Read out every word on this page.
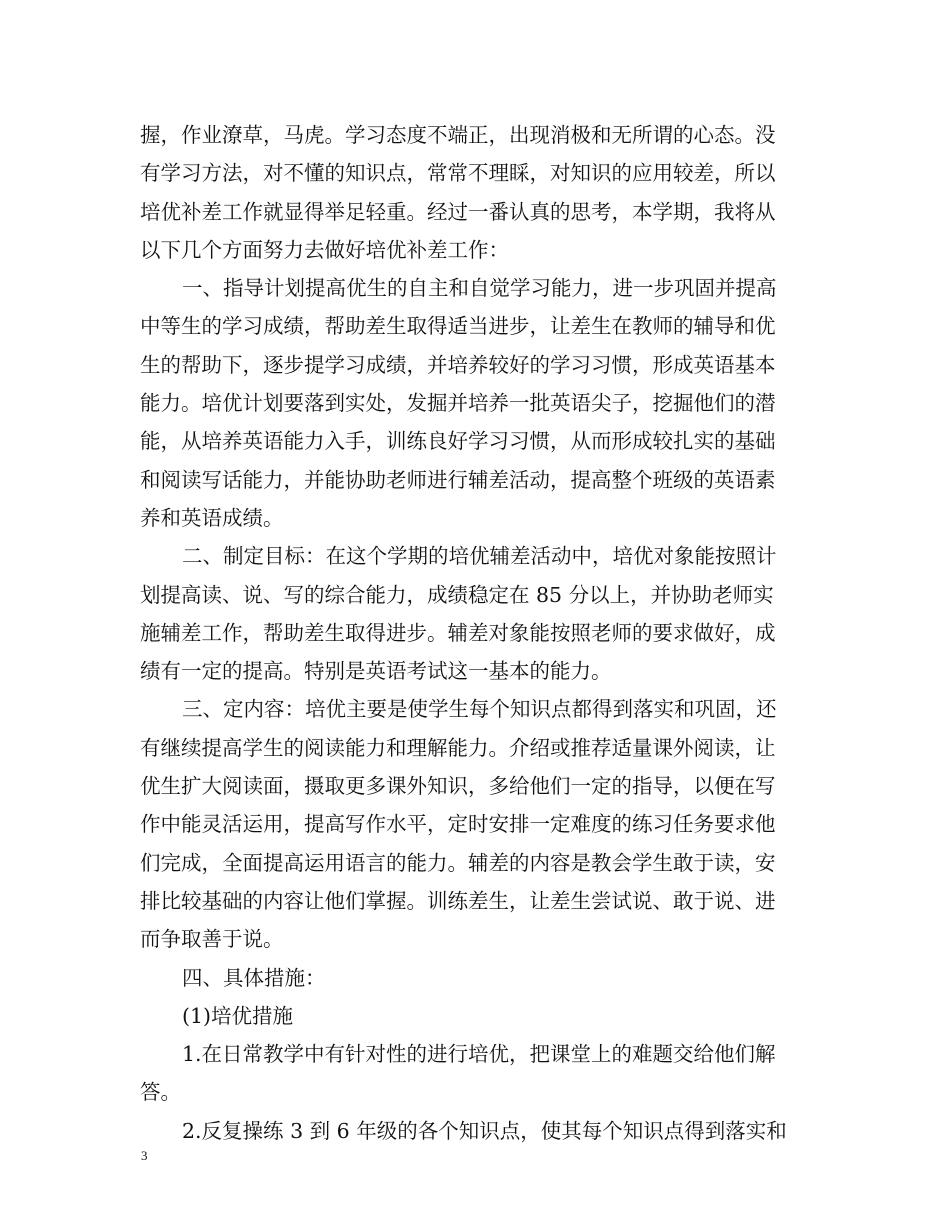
握，作业潦草，马虎。学习态度不端正，出现消极和无所谓的心态。没
有学习方法，对不懂的知识点，常常不理睬，对知识的应用较差，所以
培优补差工作就显得举足轻重。经过一番认真的思考，本学期，我将从
以下几个方面努力去做好培优补差工作：
一、指导计划提高优生的自主和自觉学习能力，进一步巩固并提高
中等生的学习成绩，帮助差生取得适当进步，让差生在教师的辅导和优
生的帮助下，逐步提学习成绩，并培养较好的学习习惯，形成英语基本
能力。培优计划要落到实处，发掘并培养一批英语尖子，挖掘他们的潜
能，从培养英语能力入手，训练良好学习习惯，从而形成较扎实的基础
和阅读写话能力，并能协助老师进行辅差活动，提高整个班级的英语素
养和英语成绩。
二、制定目标：在这个学期的培优辅差活动中，培优对象能按照计
划提高读、说、写的综合能力，成绩稳定在 85 分以上，并协助老师实
施辅差工作，帮助差生取得进步。辅差对象能按照老师的要求做好，成
绩有一定的提高。特别是英语考试这一基本的能力。
三、定内容：培优主要是使学生每个知识点都得到落实和巩固，还
有继续提高学生的阅读能力和理解能力。介绍或推荐适量课外阅读，让
优生扩大阅读面，摄取更多课外知识，多给他们一定的指导，以便在写
作中能灵活运用，提高写作水平，定时安排一定难度的练习任务要求他
们完成，全面提高运用语言的能力。辅差的内容是教会学生敢于读，安
排比较基础的内容让他们掌握。训练差生，让差生尝试说、敢于说、进
而争取善于说。
四、具体措施：
(1)培优措施
1.在日常教学中有针对性的进行培优，把课堂上的难题交给他们解
答。
2.反复操练 3 到 6 年级的各个知识点，使其每个知识点得到落实和
3
